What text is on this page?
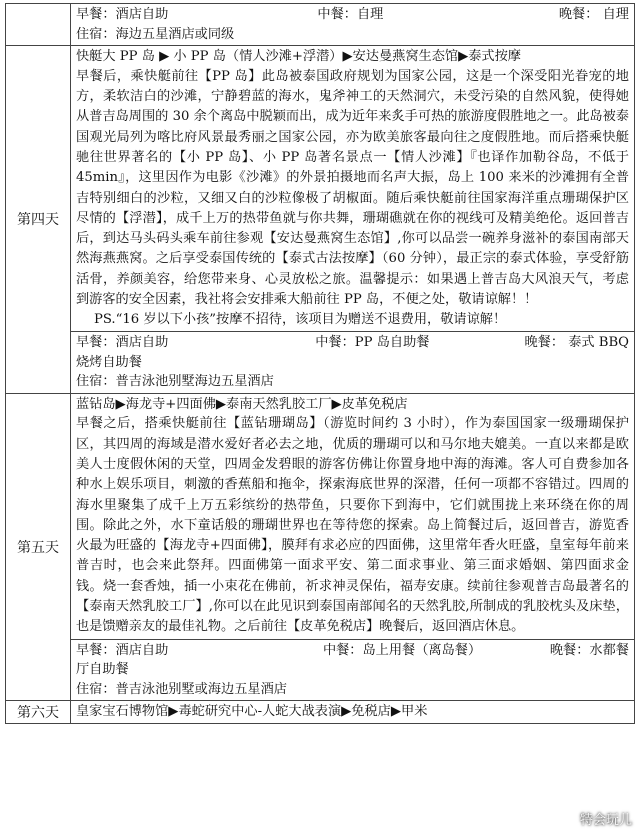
	早餐：酒店自助 中餐：自理 晚餐： 自理
住宿：海边五星酒店或同级

第四天	快艇大 PP 岛 ▶ 小 PP 岛（情人沙滩+浮潜）▶安达曼燕窝生态馆▶泰式按摩
早餐后，乘快艇前往【PP 岛】此岛被泰国政府规划为国家公园，这是一个深受阳光眷宠的地方，柔软洁白的沙滩，宁静碧蓝的海水，鬼斧神工的天然洞穴，未受污染的自然风貌，使得她从普吉岛周围的 30 余个离岛中脱颖而出，成为近年来炙手可热的旅游度假胜地之一。此岛被泰国观光局列为喀比府风景最秀丽之国家公园，亦为欧美旅客最向往之度假胜地。而后搭乘快艇驰往世界著名的【小 PP 岛】、小 PP 岛著名景点一【情人沙滩】『也译作加勒谷岛，不低于 45min』，这里因作为电影《沙滩》的外景拍摄地而名声大振，岛上 100 来米的沙滩拥有全普吉特别细白的沙粒，又细又白的沙粒像极了胡椒面。随后乘快艇前往国家海洋重点珊瑚保护区尽情的【浮潜】，成千上万的热带鱼就与你共舞，珊瑚礁就在你的视线可及精美绝伦。返回普吉后，到达马头码头乘车前往参观【安达曼燕窝生态馆】,你可以品尝一碗养身滋补的泰国南部天然海燕燕窝。之后享受泰国传统的【泰式古法按摩】（60 分钟），最正宗的泰式体验，享受舒筋活骨，养颜美容，给您带来身、心灵放松之旅。温馨提示：如果遇上普吉岛大风浪天气，考虑到游客的安全因素，我社将会安排乘大船前往 PP 岛，不便之处，敬请谅解！！
PS.“16 岁以下小孩”按摩不招待，该项目为赠送不退费用，敬请谅解！

	早餐：酒店自助 中餐：PP 岛自助餐 晚餐： 泰式 BBQ
烧烤自助餐
住宿：普吉泳池别墅海边五星酒店

第五天	蓝钻岛▶海龙寺+四面佛▶泰南天然乳胶工厂▶皮革免税店
早餐之后，搭乘快艇前往【蓝钻珊瑚岛】（游览时间约 3 小时），作为泰国国家一级珊瑚保护区，其四周的海域是潜水爱好者必去之地，优质的珊瑚可以和马尔地夫媲美。一直以来都是欧美人士度假休闲的天堂，四周金发碧眼的游客仿佛让你置身地中海的海滩。客人可自费参加各种水上娱乐项目，刺激的香蕉船和拖伞，探索海底世界的深潜，任何一项都不容错过。四周的海水里聚集了成千上万五彩缤纷的热带鱼，只要你下到海中，它们就围拢上来环绕在你的周围。除此之外，水下童话般的珊瑚世界也在等待您的探索。岛上简餐过后，返回普吉，游览香火最为旺盛的【海龙寺+四面佛】，膜拜有求必应的四面佛，这里常年香火旺盛，皇室每年前来普吉时，也会来此祭拜。四面佛第一面求平安、第二面求事业、第三面求婚姻、第四面求金钱。烧一套香烛，插一小束花在佛前，祈求神灵保佑，福寿安康。续前往参观普吉岛最著名的【泰南天然乳胶工厂】,你可以在此见识到泰国南部闻名的天然乳胶,所制成的乳胶枕头及床垫，也是馈赠亲友的最佳礼物。之后前往【皮革免税店】晚餐后，返回酒店休息。

	早餐：酒店自助 中餐：岛上用餐（离岛餐） 晚餐：水都餐
厅自助餐
住宿：普吉泳池别墅或海边五星酒店

第六天	皇家宝石博物馆▶毒蛇研究中心-人蛇大战表演▶免税店▶甲米
特会玩儿
